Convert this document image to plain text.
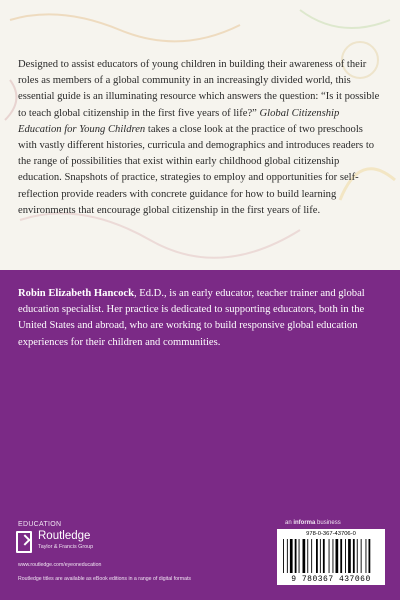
Designed to assist educators of young children in building their awareness of their roles as members of a global community in an increasingly divided world, this essential guide is an illuminating resource which answers the question: “Is it possible to teach global citizenship in the first five years of life?” Global Citizenship Education for Young Children takes a close look at the practice of two preschools with vastly different histories, curricula and demographics and introduces readers to the range of possibilities that exist within early childhood global citizenship education. Snapshots of practice, strategies to employ and opportunities for self-reflection provide readers with concrete guidance for how to build learning environments that encourage global citizenship in the first years of life.
Robin Elizabeth Hancock, Ed.D., is an early educator, teacher trainer and global education specialist. Her practice is dedicated to supporting educators, both in the United States and abroad, who are working to build responsive global education experiences for their children and communities.
EDUCATION
Routledge
Taylor & Francis Group
www.routledge.com/eyeoneducation
Routledge titles are available as eBook editions in a range of digital formats
an informa business
978-0-367-43706-0
9 780367 437060
